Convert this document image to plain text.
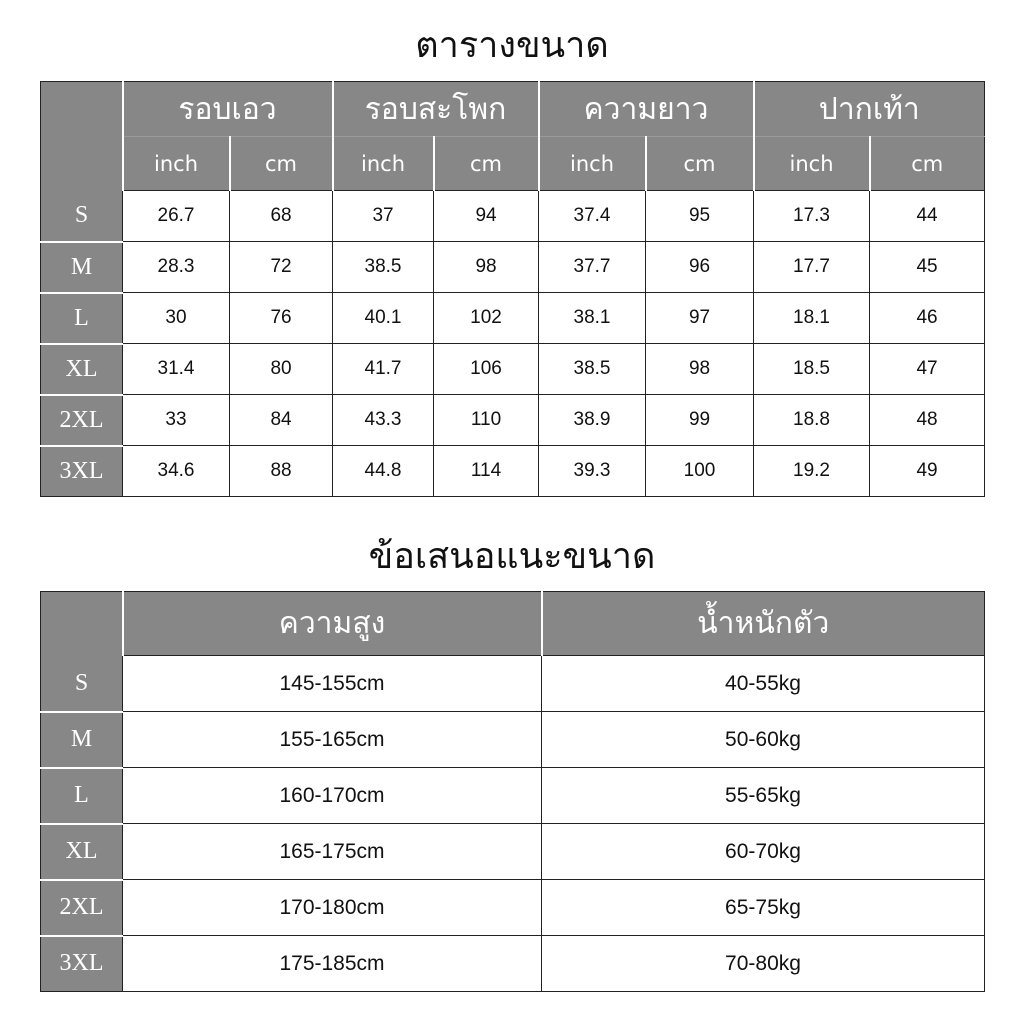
ตารางขนาด
	รอบเอว		รอบสะโพก		ความยาว		ปากเท้า	
	inch	cm	inch	cm	inch	cm	inch	cm
S	26.7	68	37	94	37.4	95	17.3	44
M	28.3	72	38.5	98	37.7	96	17.7	45
L	30	76	40.1	102	38.1	97	18.1	46
XL	31.4	80	41.7	106	38.5	98	18.5	47
2XL	33	84	43.3	110	38.9	99	18.8	48
3XL	34.6	88	44.8	114	39.3	100	19.2	49
ข้อเสนอแนะขนาด
	ความสูง	น้ำหนักตัว
S	145-155cm	40-55kg
M	155-165cm	50-60kg
L	160-170cm	55-65kg
XL	165-175cm	60-70kg
2XL	170-180cm	65-75kg
3XL	175-185cm	70-80kg
